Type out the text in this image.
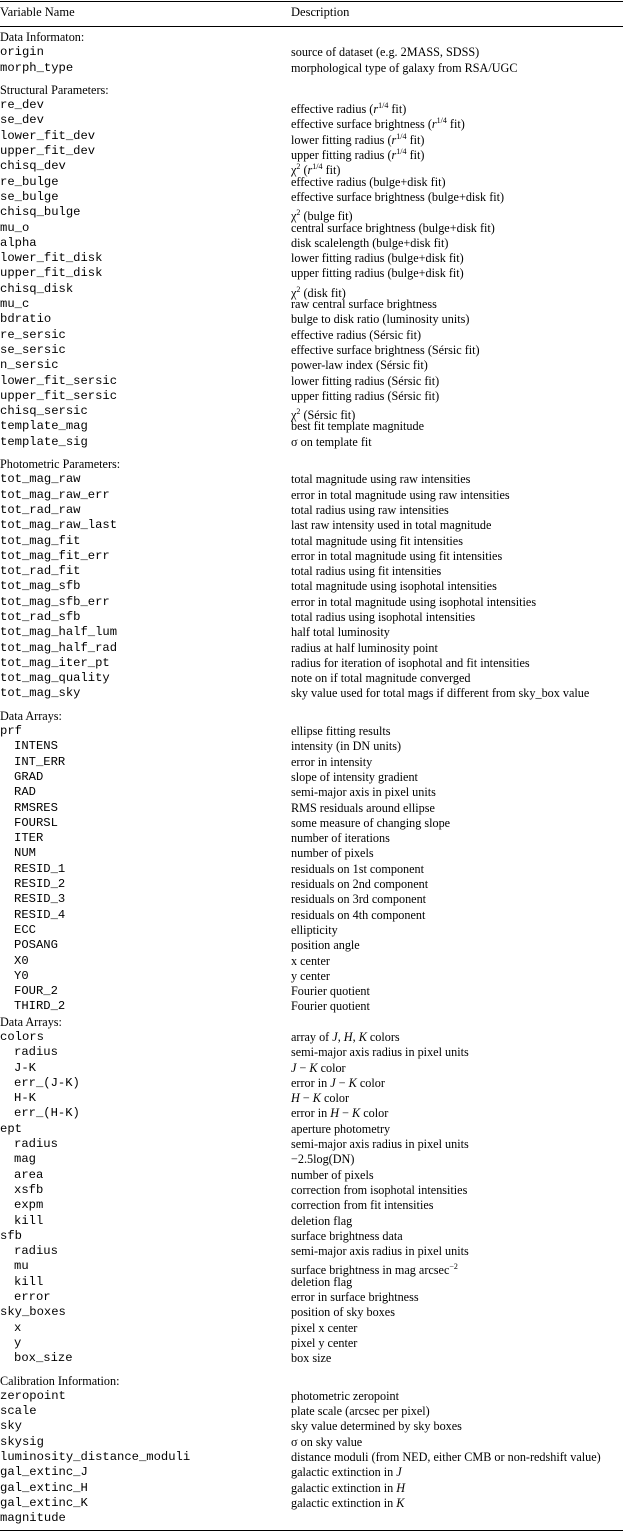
Variable Name	Description
Data Informaton:
origin	source of dataset (e.g. 2MASS, SDSS)
morph_type	morphological type of galaxy from RSA/UGC
Structural Parameters:
re_dev	effective radius ($r^{1/4}$ fit)
se_dev	effective surface brightness ($r^{1/4}$ fit)
lower_fit_dev	lower fitting radius ($r^{1/4}$ fit)
upper_fit_dev	upper fitting radius ($r^{1/4}$ fit)
chisq_dev	$\chi^2$ ($r^{1/4}$ fit)
re_bulge	effective radius (bulge+disk fit)
se_bulge	effective surface brightness (bulge+disk fit)
chisq_bulge	$\chi^2$ (bulge fit)
mu_o	central surface brightness (bulge+disk fit)
alpha	disk scalelength (bulge+disk fit)
lower_fit_disk	lower fitting radius (bulge+disk fit)
upper_fit_disk	upper fitting radius (bulge+disk fit)
chisq_disk	$\chi^2$ (disk fit)
mu_c	raw central surface brightness
bdratio	bulge to disk ratio (luminosity units)
re_sersic	effective radius (Sérsic fit)
se_sersic	effective surface brightness (Sérsic fit)
n_sersic	power-law index (Sérsic fit)
lower_fit_sersic	lower fitting radius (Sérsic fit)
upper_fit_sersic	upper fitting radius (Sérsic fit)
chisq_sersic	$\chi^2$ (Sérsic fit)
template_mag	best fit template magnitude
template_sig	σ on template fit
Photometric Parameters:
tot_mag_raw	total magnitude using raw intensities
tot_mag_raw_err	error in total magnitude using raw intensities
tot_rad_raw	total radius using raw intensities
tot_mag_raw_last	last raw intensity used in total magnitude
tot_mag_fit	total magnitude using fit intensities
tot_mag_fit_err	error in total magnitude using fit intensities
tot_rad_fit	total radius using fit intensities
tot_mag_sfb	total magnitude using isophotal intensities
tot_mag_sfb_err	error in total magnitude using isophotal intensities
tot_rad_sfb	total radius using isophotal intensities
tot_mag_half_lum	half total luminosity
tot_mag_half_rad	radius at half luminosity point
tot_mag_iter_pt	radius for iteration of isophotal and fit intensities
tot_mag_quality	note on if total magnitude converged
tot_mag_sky	sky value used for total mags if different from sky_box value
Data Arrays:
prf	ellipse fitting results
INTENS	intensity (in DN units)
INT_ERR	error in intensity
GRAD	slope of intensity gradient
RAD	semi-major axis in pixel units
RMSRES	RMS residuals around ellipse
FOURSL	some measure of changing slope
ITER	number of iterations
NUM	number of pixels
RESID_1	residuals on 1st component
RESID_2	residuals on 2nd component
RESID_3	residuals on 3rd component
RESID_4	residuals on 4th component
ECC	ellipticity
POSANG	position angle
X0	x center
Y0	y center
FOUR_2	Fourier quotient
THIRD_2	Fourier quotient
Data Arrays:
colors	array of J, H, K colors
radius	semi-major axis radius in pixel units
J-K	J − K color
err_(J-K)	error in J − K color
H-K	H − K color
err_(H-K)	error in H − K color
ept	aperture photometry
radius	semi-major axis radius in pixel units
mag	−2.5log(DN)
area	number of pixels
xsfb	correction from isophotal intensities
expm	correction from fit intensities
kill	deletion flag
sfb	surface brightness data
radius	semi-major axis radius in pixel units
mu	surface brightness in mag arcsec$^{-2}$
kill	deletion flag
error	error in surface brightness
sky_boxes	position of sky boxes
x	pixel x center
y	pixel y center
box_size	box size
Calibration Information:
zeropoint	photometric zeropoint
scale	plate scale (arcsec per pixel)
sky	sky value determined by sky boxes
skysig	σ on sky value
luminosity_distance_moduli	distance moduli (from NED, either CMB or non-redshift value)
gal_extinc_J	galactic extinction in J
gal_extinc_H	galactic extinction in H
gal_extinc_K	galactic extinction in K
magnitude
